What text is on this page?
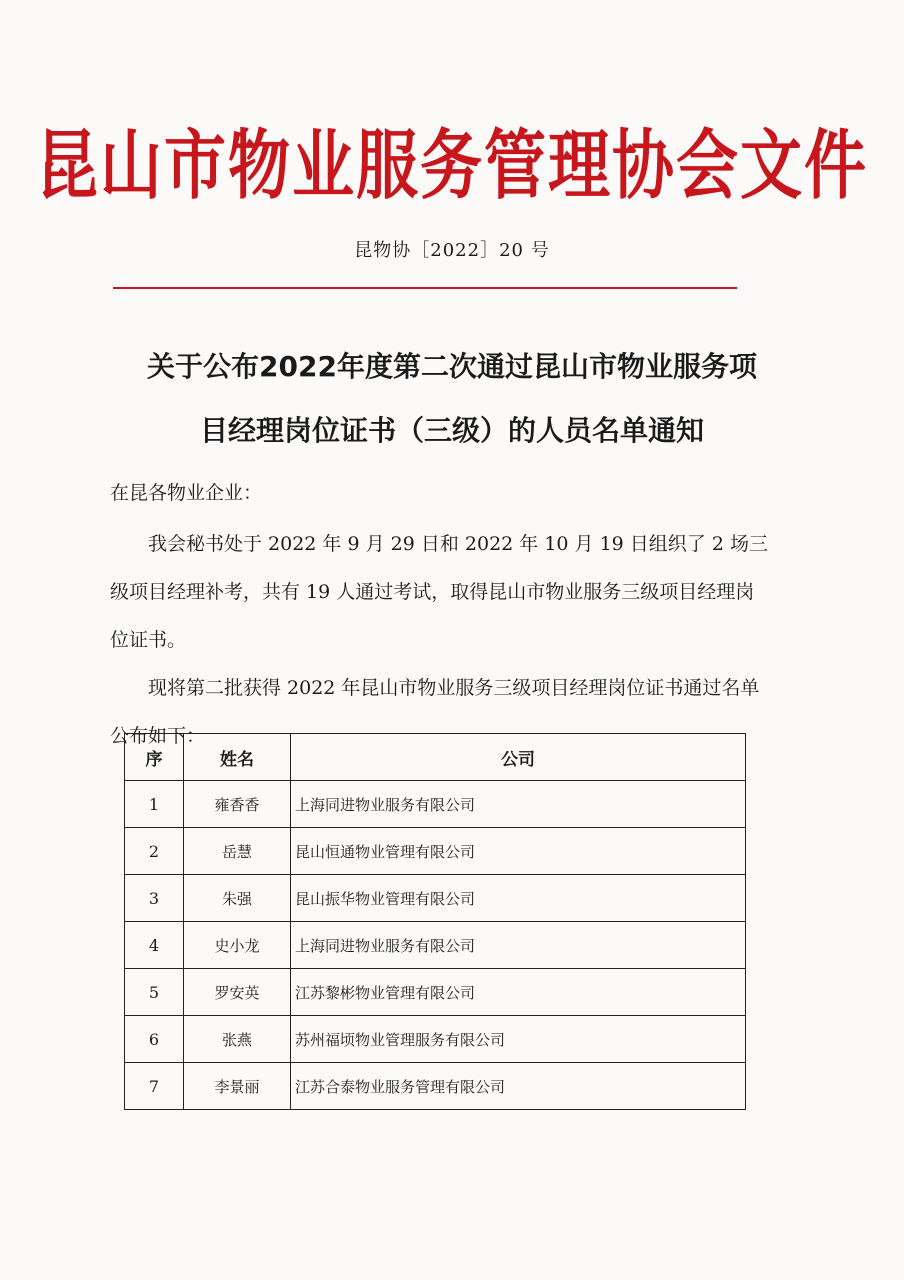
昆山市物业服务管理协会文件
昆物协［2022］20 号
关于公布2022年度第二次通过昆山市物业服务项
目经理岗位证书（三级）的人员名单通知
在昆各物业企业：

我会秘书处于 2022 年 9 月 29 日和 2022 年 10 月 19 日组织了 2 场三级项目经理补考，共有 19 人通过考试，取得昆山市物业服务三级项目经理岗位证书。

现将第二批获得 2022 年昆山市物业服务三级项目经理岗位证书通过名单公布如下：

序	姓名	公司
1	雍香香	上海同进物业服务有限公司
2	岳慧	昆山恒通物业管理有限公司
3	朱强	昆山振华物业管理有限公司
4	史小龙	上海同进物业服务有限公司
5	罗安英	江苏黎彬物业管理有限公司
6	张燕	苏州福顷物业管理服务有限公司
7	李景丽	江苏合泰物业服务管理有限公司
